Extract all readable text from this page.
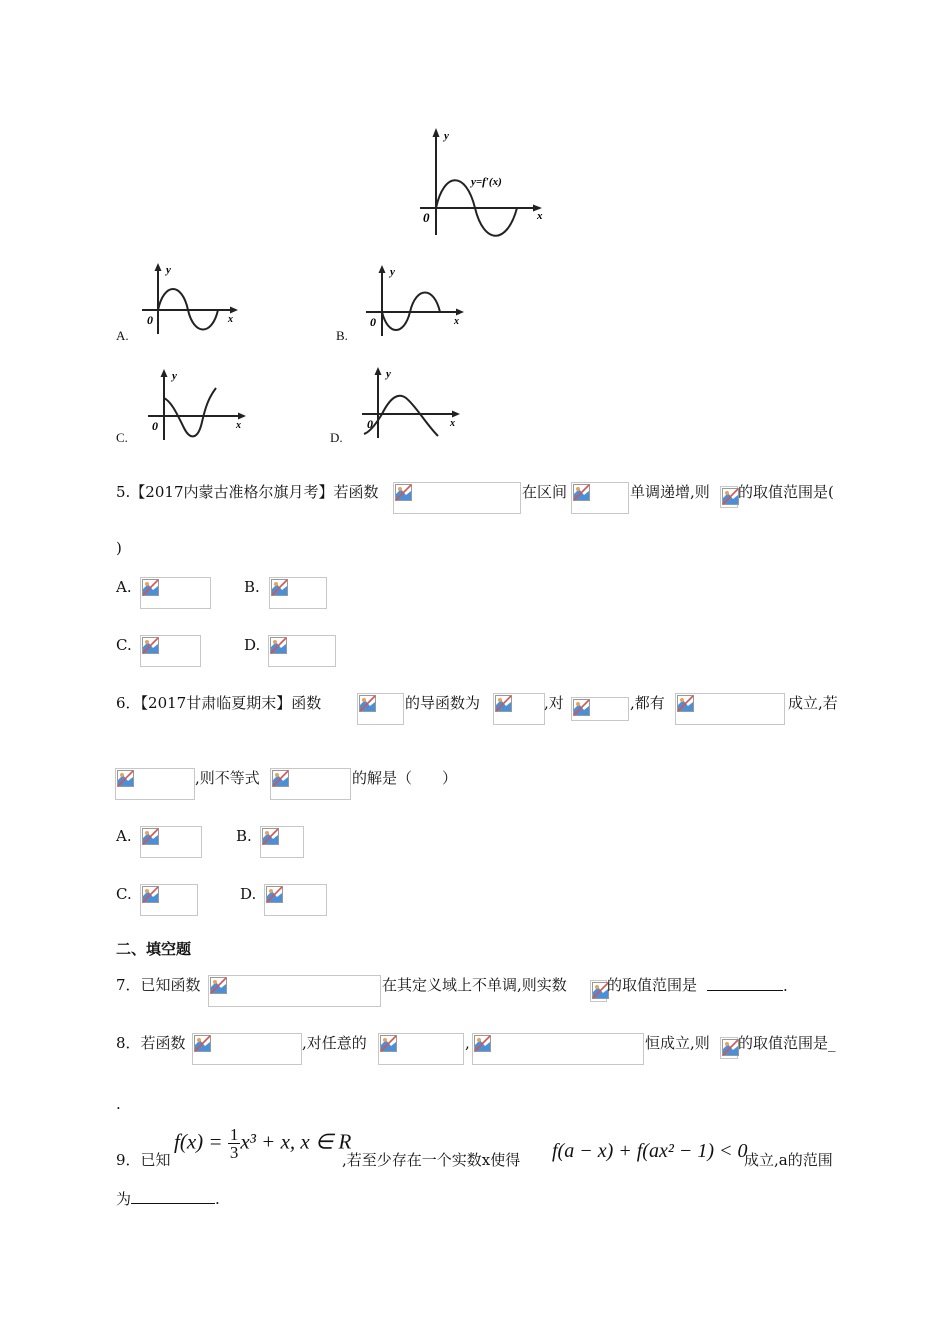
y
x
0
y=f′(x)
A.
y
x
0
B.
y
x
0
C.
y
x
0
D.
y
x
0
5.【2017内蒙古准格尔旗月考】若函数	在区间	单调递增,则 的取值范围是(
)
A.	B.
C.	D.
6．【2017甘肃临夏期末】函数	的导函数为	,对	,都有	成立,若
,则不等式	的解是（　　）
A.	B.
C.	D.
二、填空题
7．已知函数	在其定义域上不单调,则实数	的取值范围是	.
8．若函数	,对任意的	,	恒成立,则 的取值范围是_
.
9．已知
$f(x) = \frac{1}{3} x^3 + x$, x ∈ R
,若至少存在一个实数x使得 f(a − x) + f(ax² − 1) < 0
成立,a的范围
为	.
